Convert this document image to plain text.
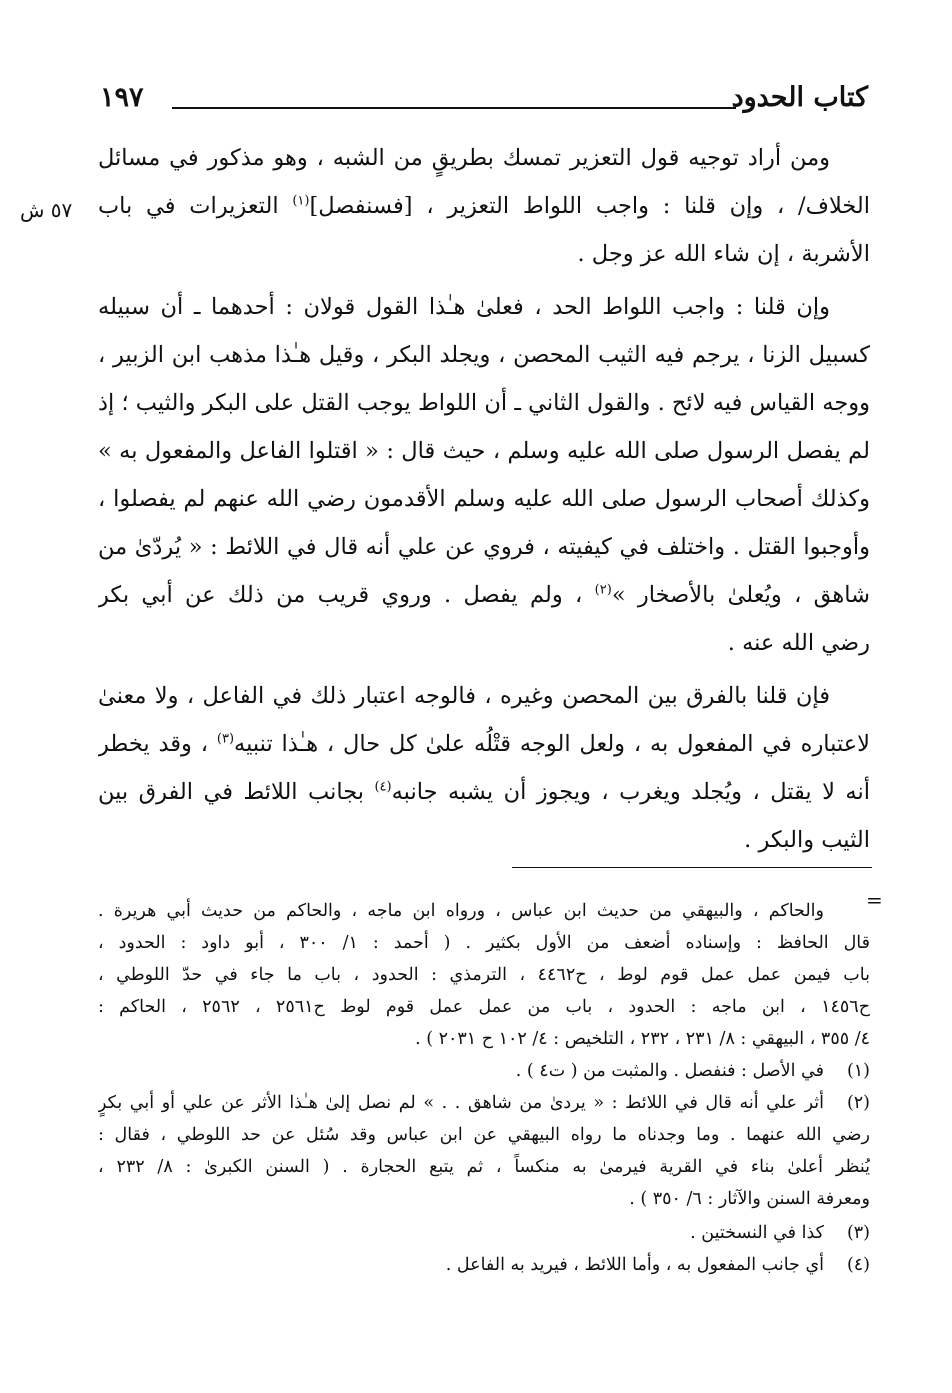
كتاب الحدود
١٩٧
٥٧ ش
ومن أراد توجيه قول التعزير تمسك بطريقٍ من الشبه ، وهو مذكور في مسائل
الخلاف/ ، وإن قلنا : واجب اللواط التعزير ، [فسنفصل]$^{(١)}$ التعزيرات في باب
الأشربة ، إن شاء الله عز وجل .
وإن قلنا : واجب اللواط الحد ، فعلىٰ هـٰذا القول قولان : أحدهما ـ أن سبيله
كسبيل الزنا ، يرجم فيه الثيب المحصن ، ويجلد البكر ، وقيل هـٰذا مذهب ابن الزبير ،
ووجه القياس فيه لائح . والقول الثاني ـ أن اللواط يوجب القتل على البكر والثيب ؛ إذ
لم يفصل الرسول صلى الله عليه وسلم ، حيث قال : « اقتلوا الفاعل والمفعول به »
وكذلك أصحاب الرسول صلى الله عليه وسلم الأقدمون رضي الله عنهم لم يفصلوا ،
وأوجبوا القتل . واختلف في كيفيته ، فروي عن علي أنه قال في اللائط : « يُردّىٰ من
شاهق ، ويُعلىٰ بالأصخار »$^{(٢)}$ ، ولم يفصل . وروي قريب من ذلك عن أبي بكر
رضي الله عنه .
فإن قلنا بالفرق بين المحصن وغيره ، فالوجه اعتبار ذلك في الفاعل ، ولا معنىٰ
لاعتباره في المفعول به ، ولعل الوجه قتْلُه علىٰ كل حال ، هـٰذا تنبيه$^{(٣)}$ ، وقد يخطر
أنه لا يقتل ، ويُجلد ويغرب ، ويجوز أن يشبه جانبه$^{(٤)}$ بجانب اللائط في الفرق بين
الثيب والبكر .
=
والحاكم ، والبيهقي من حديث ابن عباس ، ورواه ابن ماجه ، والحاكم من حديث أبي هريرة .
قال الحافظ : وإسناده أضعف من الأول بكثير . ( أحمد : ١/ ٣٠٠ ، أبو داود : الحدود ،
باب فيمن عمل عمل قوم لوط ، ح٤٤٦٢ ، الترمذي : الحدود ، باب ما جاء في حدّ اللوطي ،
ح١٤٥٦ ، ابن ماجه : الحدود ، باب من عمل عمل قوم لوط ح٢٥٦١ ، ٢٥٦٢ ، الحاكم :
٤/ ٣٥٥ ، البيهقي : ٨/ ٢٣١ ، ٢٣٢ ، التلخيص : ٤/ ١٠٢ ح ٢٠٣١ ) .
(١)
في الأصل : فنفصل . والمثبت من ( ت٤ ) .
(٢)
أثر علي أنه قال في اللائط : « يردىٰ من شاهق . . » لم نصل إلىٰ هـٰذا الأثر عن علي أو أبي بكرٍ
رضي الله عنهما . وما وجدناه ما رواه البيهقي عن ابن عباس وقد سُئل عن حد اللوطي ، فقال :
يُنظر أعلىٰ بناء في القرية فيرمىٰ به منكساً ، ثم يتبع الحجارة . ( السنن الكبرىٰ : ٨/ ٢٣٢ ،
ومعرفة السنن والآثار : ٦/ ٣٥٠ ) .
(٣)
كذا في النسختين .
(٤)
أي جانب المفعول به ، وأما اللائط ، فيريد به الفاعل .
